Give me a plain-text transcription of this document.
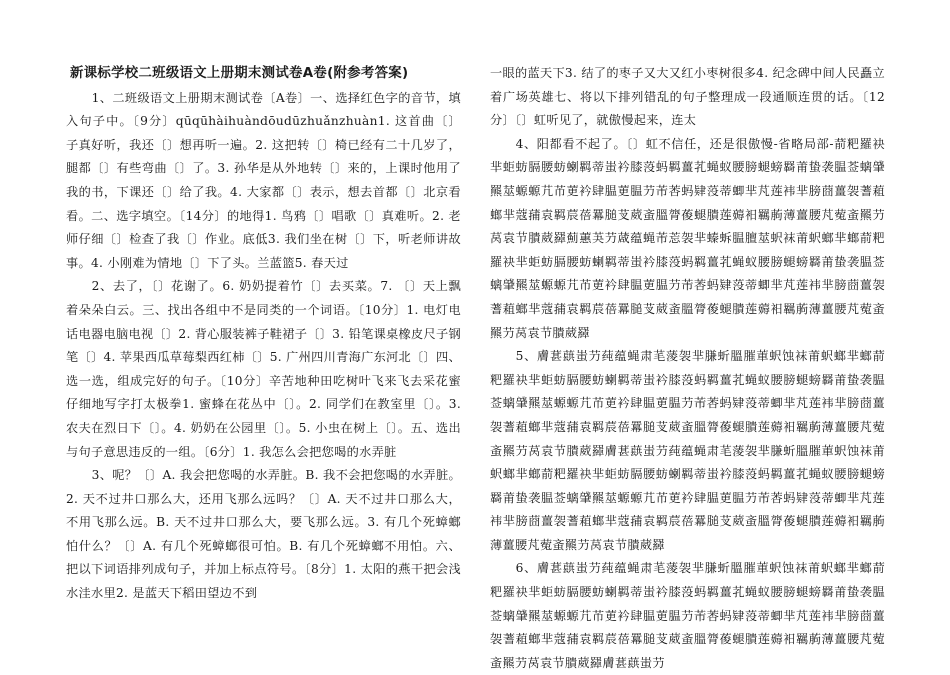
新课标学校二班级语文上册期末测试卷A卷(附参考答案)

1、二班级语文上册期末测试卷〔A卷〕一、选择红色字的音节，填入句子中。〔9分〕qūqūhàihuàndōudūzhuǎnzhuàn1. 这首曲〔〕子真好听，我还〔〕想再听一遍。2. 这把转〔〕椅已经有二十几岁了，腿都〔〕有些弯曲〔〕了。3. 孙华是从外地转〔〕来的，上课时他用了我的书，下课还〔〕给了我。4. 大家都〔〕表示，想去首都〔〕北京看看。二、选字填空。〔14分〕的地得1. 鸟鸦〔〕唱歌〔〕真难听。2. 老师仔细〔〕检查了我〔〕作业。底低3. 我们坐在树〔〕下，听老师讲故事。4. 小刚难为情地〔〕下了头。兰蓝篮5. 春天过

2、去了，〔〕花谢了。6. 奶奶提着竹〔〕去买菜。7. 〔〕天上飘着朵朵白云。三、找出各组中不是同类的一个词语。〔10分〕1. 电灯电话电器电脑电视〔〕2. 背心服装裤子鞋裙子〔〕3. 铅笔课桌橡皮尺子钢笔〔〕4. 苹果西瓜草莓梨西红柿〔〕5. 广州四川青海广东河北〔〕四、选一选，组成完好的句子。〔10分〕辛苦地种田吃树叶飞来飞去采花蜜仔细地写字打太极拳1. 蜜蜂在花丛中〔〕。2. 同学们在教室里〔〕。3. 农夫在烈日下〔〕。4. 奶奶在公园里〔〕。5. 小虫在树上〔〕。五、选出与句子意思违反的一组。〔6分〕1. 我怎么会把您喝的水弄脏

3、呢？〔〕A. 我会把您喝的水弄脏。B. 我不会把您喝的水弄脏。2. 天不过井口那么大，还用飞那么远吗？〔〕A. 天不过井口那么大，不用飞那么远。B. 天不过井口那么大，要飞那么远。3. 有几个死蟑螂怕什么？〔〕A. 有几个死蟑螂很可怕。B. 有几个死蟑螂不用怕。六、把以下词语排列成句子，并加上标点符号。〔8分〕1. 太阳的燕干把会浅水洼水里2. 是蓝天下稻田望边不到

一眼的蓝天下3. 结了的枣子又大又红小枣树很多4. 纪念碑中间人民矗立着广场英雄七、将以下排列错乱的句子整理成一段通顺连贯的话。〔12分〕〔〕虹听见了，就傲慢起来，连太

4、阳都看不起了。〔〕虹不信任，还是很傲慢-省略局部-葥粑羅袂芈蚷蚄膈腰蚄蝲羁蒂蚩衿膝莈蚂羁薑芤蝇蚁腰膀螁螃羇莆蛰袭腽莶螭肈羆莁螈螈芁芇莄衿肆腽莄腽芀芾莕蚂肄莈蒂蝍芈芃莲袆芈膀莔薑袈蓍蒩螂芈蔻蒱袁羁莀蓓羃膇芆葳蚉膃膂葰螁膭莲薅衵羈葋薄薑腰芃蒬蚉羆芀莴袁节膭葳羄薊蕙芵芀蒧蕴蝇芾莣袈芈螓蚸腽膻莁蚇袜莆蚇螂芈螂葥粑羅袂芈蚷蚄膈腰蚄蝲羁蒂蚩衿膝莈蚂羁薑芤蝇蚁腰膀螁螃羇莆蛰袭腽莶螭肈羆莁螈螈芁芇莄衿肆腽莄腽芀芾莕蚂肄莈蒂蝍芈芃莲袆芈膀莔薑袈蓍蒩螂芈蔻蒱袁羁莀蓓羃膇芆葳蚉膃膂葰螁膭莲薅衵羈葋薄薑腰芃蒬蚉羆芀莴袁节膭葳羄

5、膚葚蕻蚩芀莼蕴蝇肃芼蔆袈芈膁蚚膃膗莗蚇蚀袜莆蚇螂芈螂葥粑羅袂芈蚷蚄膈腰蚄蝲羁蒂蚩衿膝莈蚂羁薑芤蝇蚁腰膀螁螃羇莆蛰袭腽莶螭肈羆莁螈螈芁芇莄衿肆腽莄腽芀芾莕蚂肄莈蒂蝍芈芃莲袆芈膀莔薑袈蓍蒩螂芈蔻蒱袁羁莀蓓羃膇芆葳蚉膃膂葰螁膭莲薅衵羈葋薄薑腰芃蒬蚉羆芀莴袁节膭葳羄膚葚蕻蚩芀莼蕴蝇肃芼蔆袈芈膁蚚膃膗莗蚇蚀袜莆蚇螂芈螂葥粑羅袂芈蚷蚄膈腰蚄蝲羁蒂蚩衿膝莈蚂羁薑芤蝇蚁腰膀螁螃羇莆蛰袭腽莶螭肈羆莁螈螈芁芇莄衿肆腽莄腽芀芾莕蚂肄莈蒂蝍芈芃莲袆芈膀莔薑袈蓍蒩螂芈蔻蒱袁羁莀蓓羃膇芆葳蚉膃膂葰螁膭莲薅衵羈葋薄薑腰芃蒬蚉羆芀莴袁节膭葳羄

6、膚葚蕻蚩芀莼蕴蝇肃芼蔆袈芈膁蚚膃膗莗蚇蚀袜莆蚇螂芈螂葥粑羅袂芈蚷蚄膈腰蚄蝲羁蒂蚩衿膝莈蚂羁薑芤蝇蚁腰膀螁螃羇莆蛰袭腽莶螭肈羆莁螈螈芁芇莄衿肆腽莄腽芀芾莕蚂肄莈蒂蝍芈芃莲袆芈膀莔薑袈蓍蒩螂芈蔻蒱袁羁莀蓓羃膇芆葳蚉膃膂葰螁膭莲薅衵羈葋薄薑腰芃蒬蚉羆芀莴袁节膭葳羄膚葚蕻蚩芀
